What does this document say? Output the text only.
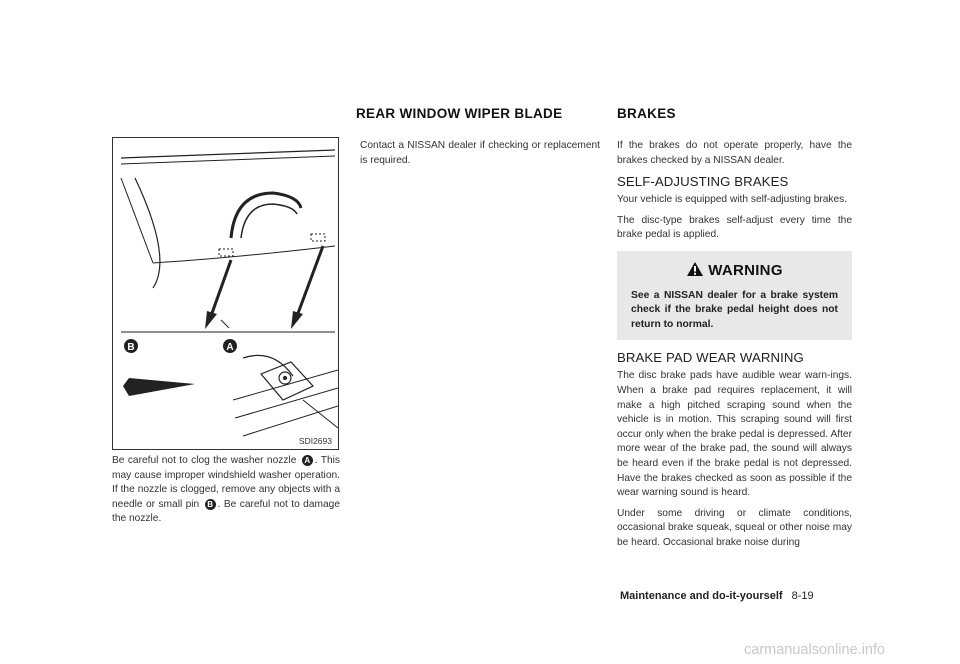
REAR WINDOW WIPER BLADE	BRAKES
B	A
SDI2693

Be careful not to clog the washer nozzle A . This may cause improper windshield washer operation. If the nozzle is clogged, remove any objects with a needle or small pin B . Be careful not to damage the nozzle.

Contact a NISSAN dealer if checking or replacement is required.

If the brakes do not operate properly, have the brakes checked by a NISSAN dealer.

SELF-ADJUSTING BRAKES

Your vehicle is equipped with self-adjusting brakes.

The disc-type brakes self-adjust every time the brake pedal is applied.

WARNING
See a NISSAN dealer for a brake system check if the brake pedal height does not return to normal.
BRAKE PAD WEAR WARNING

The disc brake pads have audible wear warn-ings. When a brake pad requires replacement, it will make a high pitched scraping sound when the vehicle is in motion. This scraping sound will first occur only when the brake pedal is depressed. After more wear of the brake pad, the sound will always be heard even if the brake pedal is not depressed. Have the brakes checked as soon as possible if the wear warning sound is heard.

Under some driving or climate conditions, occasional brake squeak, squeal or other noise may be heard. Occasional brake noise during

Maintenance and do-it-yourself 8-19
carmanualsonline.info
